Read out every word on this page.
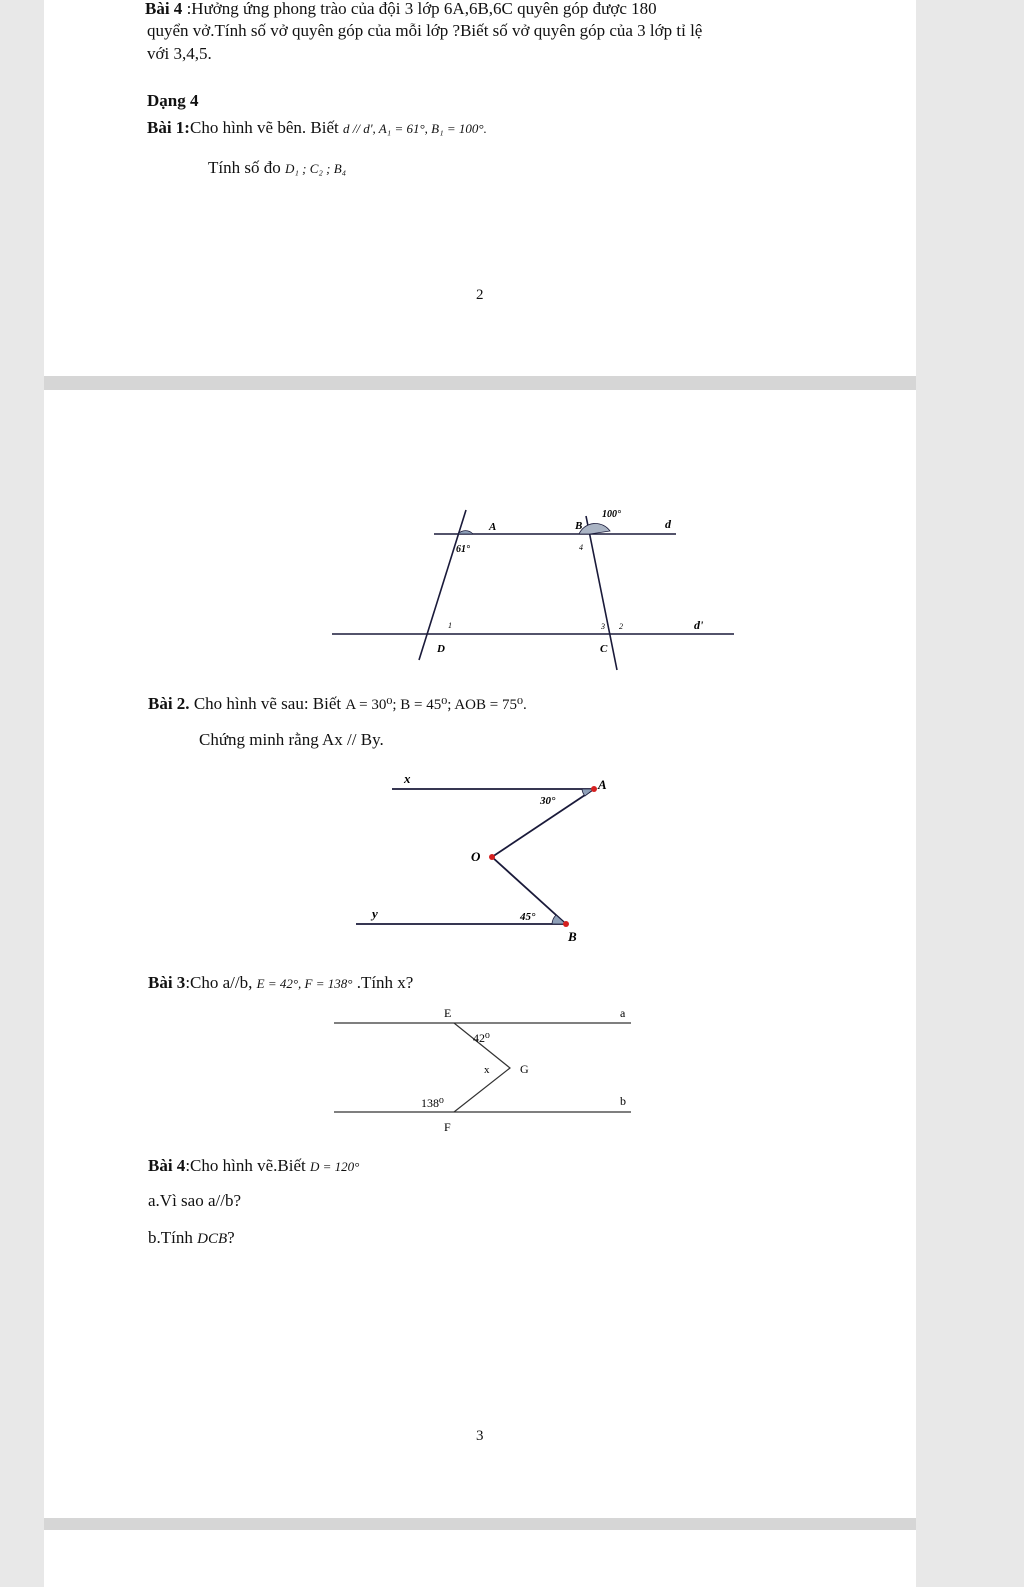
Bài 4 :Hưởng ứng phong trào của đội 3 lớp 6A,6B,6C quyên góp được 180
quyển vở.Tính số vở quyên góp của mỗi lớp ?Biết số vở quyên góp của 3 lớp tỉ lệ
với 3,4,5.
Dạng 4
Bài 1:Cho hình vẽ bên. Biết d // d', A₁ = 61°, B₁ = 100°.
Tính số đo D₁ ; C₂ ; B₄
2
A	B
100°
d
61°	4
1
D
3 2	d'
C
Bài 2. Cho hình vẽ sau: Biết A = 30⁰; B = 45⁰; AOB = 75⁰.
Chứng minh rằng Ax // By.
x	A
30°
O
y	45°
B
Bài 3:Cho a//b, E = 42°, F = 138° .Tính x?
E	a
42⁰
x	G
138⁰	b
F
Bài 4:Cho hình vẽ.Biết D = 120°
a.Vì sao a//b?
b.Tính DCB?
3
